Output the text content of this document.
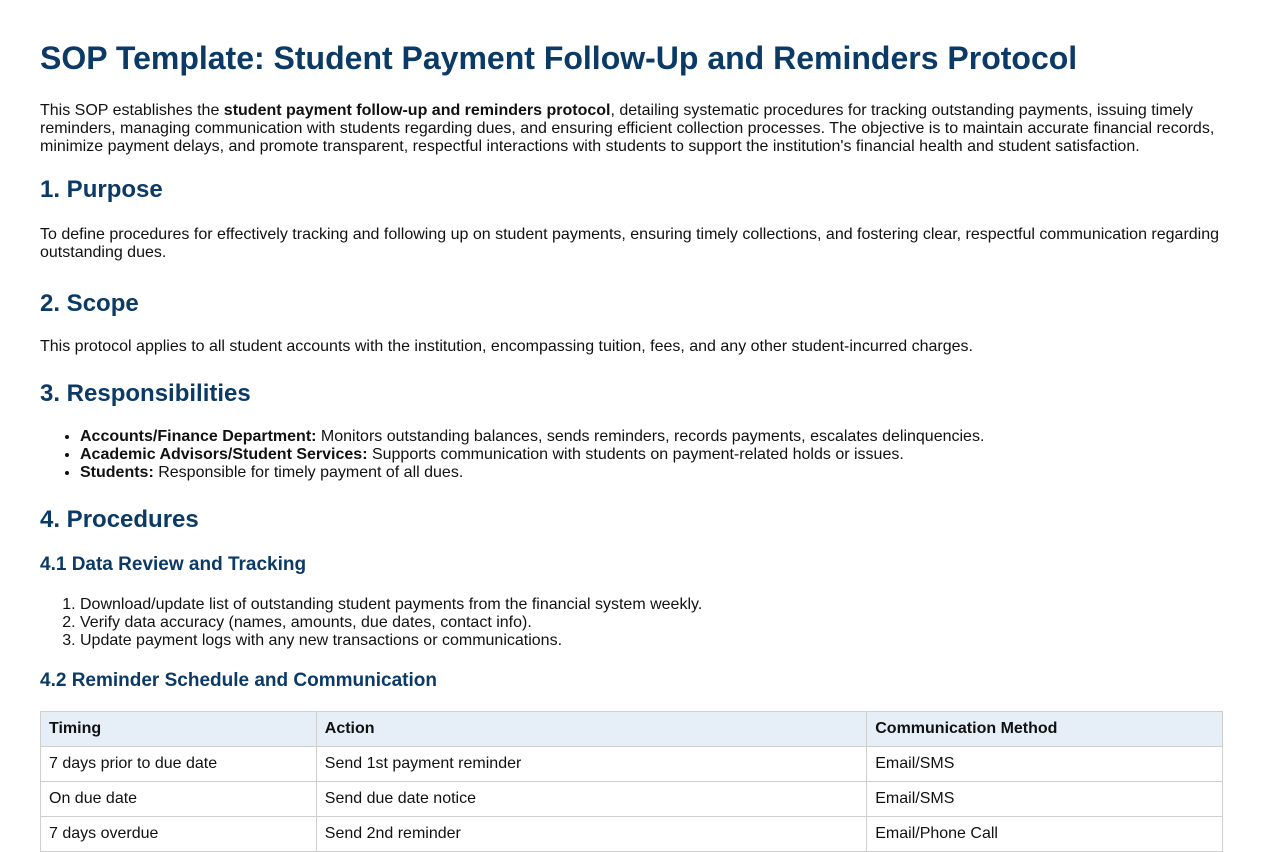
SOP Template: Student Payment Follow-Up and Reminders Protocol

This SOP establishes the student payment follow-up and reminders protocol, detailing systematic procedures for tracking outstanding payments, issuing timely reminders, managing communication with students regarding dues, and ensuring efficient collection processes. The objective is to maintain accurate financial records, minimize payment delays, and promote transparent, respectful interactions with students to support the institution's financial health and student satisfaction.

1. Purpose

To define procedures for effectively tracking and following up on student payments, ensuring timely collections, and fostering clear, respectful communication regarding outstanding dues.

2. Scope

This protocol applies to all student accounts with the institution, encompassing tuition, fees, and any other student-incurred charges.

3. Responsibilities
• Accounts/Finance Department: Monitors outstanding balances, sends reminders, records payments, escalates delinquencies.
• Academic Advisors/Student Services: Supports communication with students on payment-related holds or issues.
• Students: Responsible for timely payment of all dues.
4. Procedures
4.1 Data Review and Tracking
1. Download/update list of outstanding student payments from the financial system weekly.
2. Verify data accuracy (names, amounts, due dates, contact info).
3. Update payment logs with any new transactions or communications.
4.2 Reminder Schedule and Communication
Timing	Action	Communication Method
7 days prior to due date	Send 1st payment reminder	Email/SMS
On due date	Send due date notice	Email/SMS
7 days overdue	Send 2nd reminder	Email/Phone Call
